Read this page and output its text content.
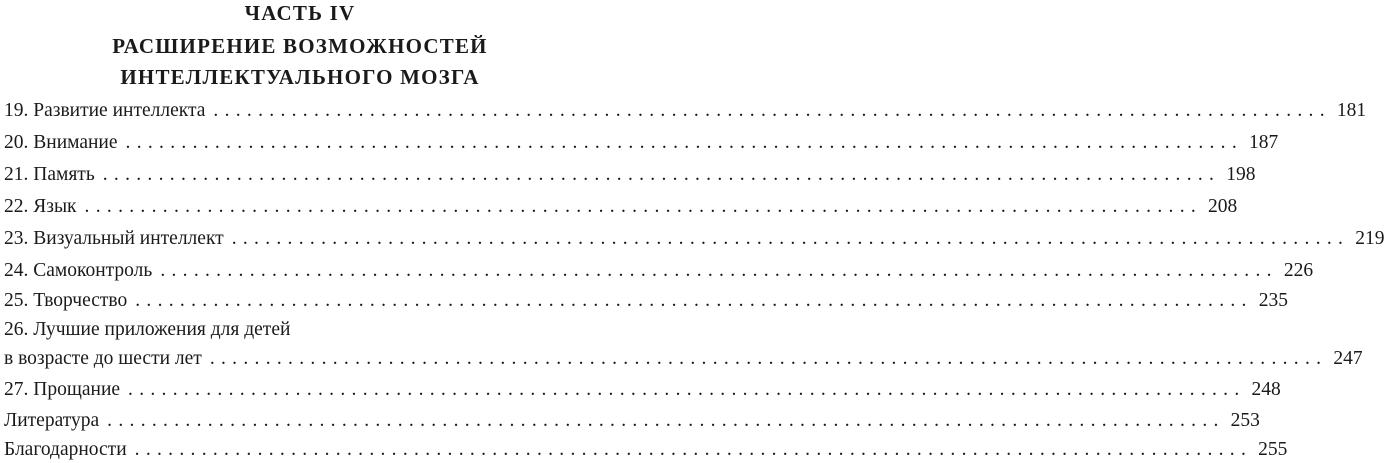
ЧАСТЬ IV
РАСШИРЕНИЕ ВОЗМОЖНОСТЕЙ
ИНТЕЛЛЕКТУАЛЬНОГО МОЗГА
19. Развитие интеллекта .................................................................................................... 181
20. Внимание .................................................................................................... 187
21. Память .................................................................................................... 198
22. Язык .................................................................................................... 208
23. Визуальный интеллект .................................................................................................... 219
24. Самоконтроль .................................................................................................... 226
25. Творчество .................................................................................................... 235
26. Лучшие приложения для детей
в возрасте до шести лет .................................................................................................... 247
27. Прощание .................................................................................................... 248
Литература .................................................................................................... 253
Благодарности .................................................................................................... 255
